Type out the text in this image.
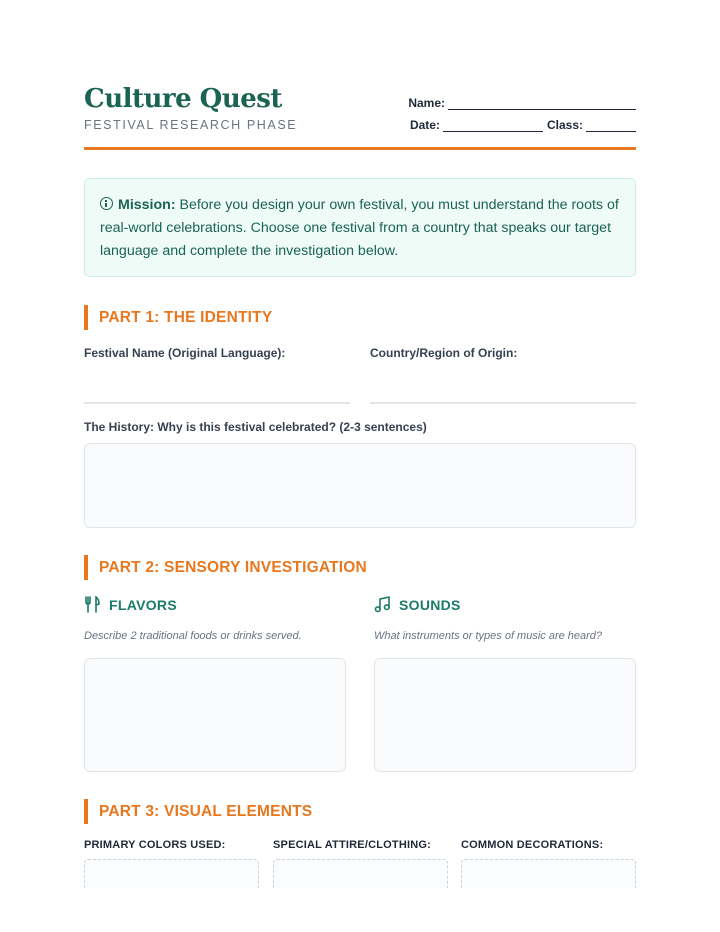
Culture Quest
FESTIVAL RESEARCH PHASE
Name:
Date:	Class:
Mission: Before you design your own festival, you must understand the roots of real-world celebrations. Choose one festival from a country that speaks our target language and complete the investigation below.
PART 1: THE IDENTITY
Festival Name (Original Language):	Country/Region of Origin:
The History: Why is this festival celebrated? (2-3 sentences)
PART 2: SENSORY INVESTIGATION
FLAVORS
Describe 2 traditional foods or drinks served.
SOUNDS
What instruments or types of music are heard?
PART 3: VISUAL ELEMENTS
PRIMARY COLORS USED:	SPECIAL ATTIRE/CLOTHING:	COMMON DECORATIONS:
